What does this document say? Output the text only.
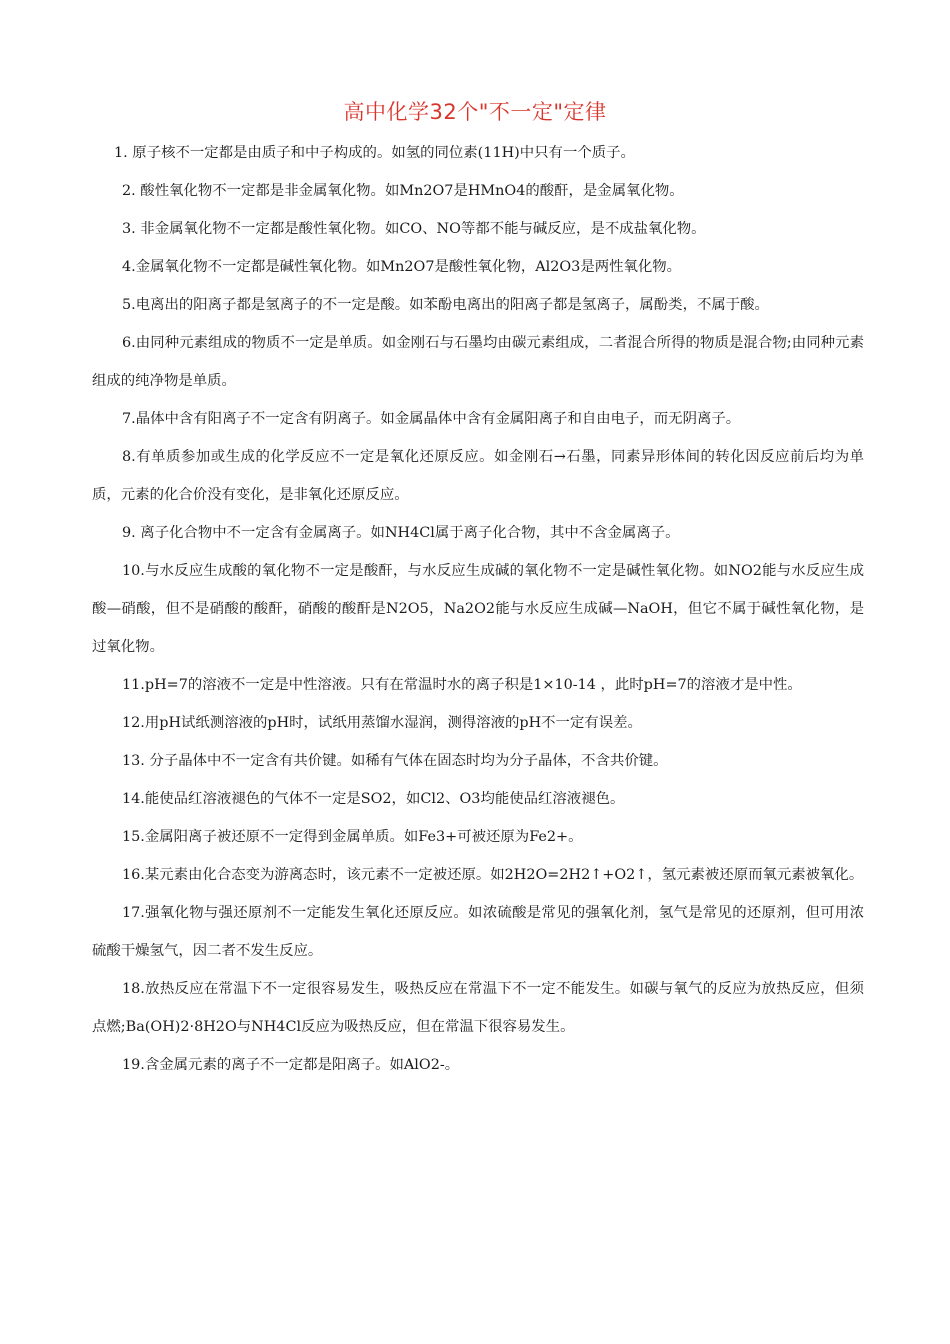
高中化学32个"不一定"定律

1. 原子核不一定都是由质子和中子构成的。如氢的同位素(11H)中只有一个质子。

2. 酸性氧化物不一定都是非金属氧化物。如Mn2O7是HMnO4的酸酐，是金属氧化物。

3. 非金属氧化物不一定都是酸性氧化物。如CO、NO等都不能与碱反应，是不成盐氧化物。

4.金属氧化物不一定都是碱性氧化物。如Mn2O7是酸性氧化物，Al2O3是两性氧化物。

5.电离出的阳离子都是氢离子的不一定是酸。如苯酚电离出的阳离子都是氢离子，属酚类，不属于酸。

6.由同种元素组成的物质不一定是单质。如金刚石与石墨均由碳元素组成，二者混合所得的物质是混合物;由同种元素组成的纯净物是单质。

7.晶体中含有阳离子不一定含有阴离子。如金属晶体中含有金属阳离子和自由电子，而无阴离子。

8.有单质参加或生成的化学反应不一定是氧化还原反应。如金刚石→石墨，同素异形体间的转化因反应前后均为单质，元素的化合价没有变化，是非氧化还原反应。

9. 离子化合物中不一定含有金属离子。如NH4Cl属于离子化合物，其中不含金属离子。

10.与水反应生成酸的氧化物不一定是酸酐，与水反应生成碱的氧化物不一定是碱性氧化物。如NO2能与水反应生成酸—硝酸，但不是硝酸的酸酐，硝酸的酸酐是N2O5，Na2O2能与水反应生成碱—NaOH，但它不属于碱性氧化物，是过氧化物。

11.pH=7的溶液不一定是中性溶液。只有在常温时水的离子积是1×10-14 ，此时pH=7的溶液才是中性。

12.用pH试纸测溶液的pH时，试纸用蒸馏水湿润，测得溶液的pH不一定有误差。

13. 分子晶体中不一定含有共价键。如稀有气体在固态时均为分子晶体，不含共价键。

14.能使品红溶液褪色的气体不一定是SO2，如Cl2、O3均能使品红溶液褪色。

15.金属阳离子被还原不一定得到金属单质。如Fe3+可被还原为Fe2+。

16.某元素由化合态变为游离态时，该元素不一定被还原。如2H2O=2H2↑+O2↑，氢元素被还原而氧元素被氧化。

17.强氧化物与强还原剂不一定能发生氧化还原反应。如浓硫酸是常见的强氧化剂，氢气是常见的还原剂，但可用浓硫酸干燥氢气，因二者不发生反应。

18.放热反应在常温下不一定很容易发生，吸热反应在常温下不一定不能发生。如碳与氧气的反应为放热反应，但须点燃;Ba(OH)2·8H2O与NH4Cl反应为吸热反应，但在常温下很容易发生。

19.含金属元素的离子不一定都是阳离子。如AlO2-。
